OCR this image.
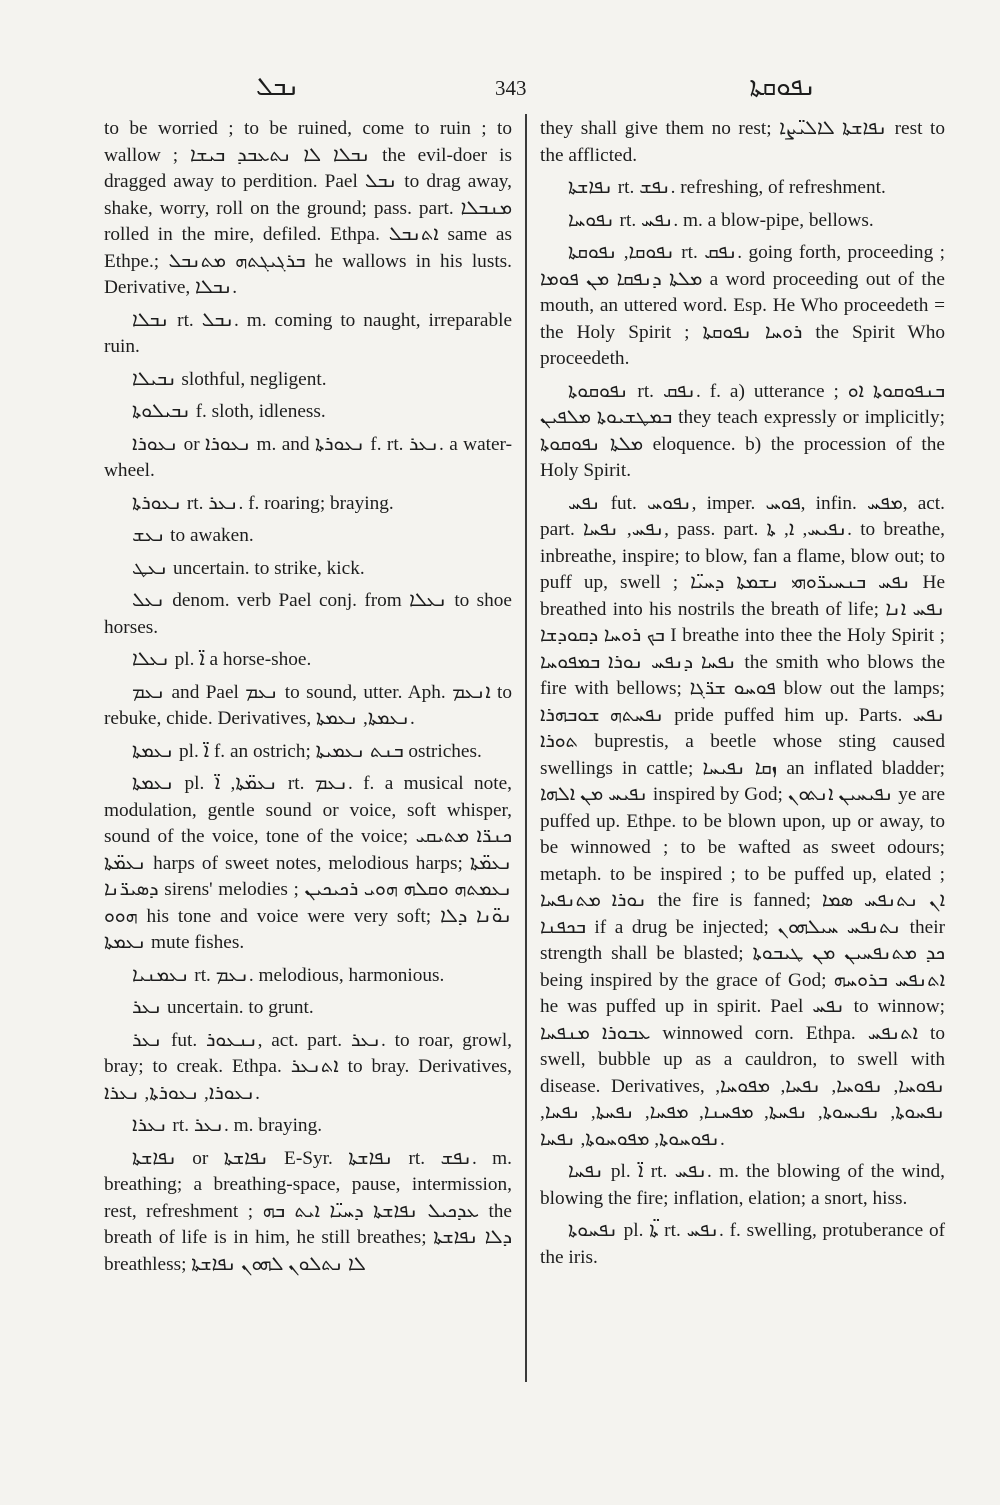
ܢܒܠ	343	ܢܦܘܩܬܐ

to be worried ; to be ruined, come to ruin ; to wallow ; ܢܒܠܐ ܠܐ ܢܬܥܒܕ ܒܝܫܐ the evil-doer is dragged away to perdition. Pael ܢܒܠ to drag away, shake, worry, roll on the ground; pass. part. ܡܢܒܠܐ rolled in the mire, defiled. Ethpa. ܐܬܢܒܠ same as Ethpe.; ܒܪܓܝܓܬܗ ܡܬܢܒܠ he wallows in his lusts. Derivative, ܢܒܠܐ.

ܢܒܠܐ rt. ܢܒܠ. m. coming to naught, irreparable ruin.

ܢܒܝܠܐ slothful, negligent.

ܢܒܝܠܘܬܐ f. sloth, idleness.

ܢܥܘܪܐ or ܢܥܘܪܐ m. and ܢܥܘܪܬܐ f. rt. ܢܥܪ. a water-wheel.

ܢܥܘܪܬܐ rt. ܢܥܪ. f. roaring; braying.

ܢܥܫ to awaken.

ܢܥܛ uncertain. to strike, kick.

ܢܥܠ denom. verb Pael conj. from ܢܥܠܐ to shoe horses.

ܢܥܠܐ pl. ܐ̈ a horse-shoe.

ܢܥܡ and Pael ܢܥܡ to sound, utter. Aph. ܐܢܥܡ to rebuke, chide. Derivatives, ܢܥܡܬܐ, ܢܥܡܬܐ.

ܢܥܡܬܐ pl. ܐ̈ f. an ostrich; ܒܢܬ ܢܥܡܝܬܐ ostriches.

ܢܥܡܬܐ pl. ܢܥܡ̈ܬܐ, ܐ̈ rt. ܢܥܡ. f. a musical note, modulation, gentle sound or voice, soft whisper, sound of the voice, tone of the voice; ܟܢܪ̈ܐ ܡܬܝܩܝ ܢܥܡ̈ܬܐ harps of sweet notes, melodious harps; ܢܥܡ̈ܬܐ ܕܣܝܪ̈ܢܐ sirens' melodies ; ܢܥܡܬܗ ܘܩܠܗ ܗܘܝ ܪܟܝܟܝܢ ܗܘܘ his tone and voice were very soft; ܢܘ̈ܢܐ ܕܠܐ ܢܥܡܬܐ mute fishes.

ܢܥܡܢܝܐ rt. ܢܥܡ. melodious, harmonious.

ܢܥܪ uncertain. to grunt.

ܢܥܪ fut. ܢܢܥܘܪ, act. part. ܢܥܪ. to roar, growl, bray; to creak. Ethpa. ܐܬܢܥܪ to bray. Derivatives, ܢܥܘܪܐ, ܢܥܘܪܬܐ, ܢܥܪܐ.

ܢܥܪܐ rt. ܢܥܪ. m. braying.

ܢܦܐܫܬܐ or ܢܦܐܫܬܐ E-Syr. ܢܦܐܫܬܐ rt. ܢܦܫ. m. breathing; a breathing-space, pause, intermission, rest, refreshment ; ܥܕܟܝܠ ܢܦܐܫܬܐ ܕܚܝ̈ܐ ܐܝܬ ܒܗ the breath of life is in him, he still breathes; ܕܠܐ ܢܦܐܫܬܐ breathless; ܠܐ ܢܬܠܘܢ ܠܗܘܢ ܢܦܐܫܬܐ

they shall give them no rest; ܢܦܐܫܬܐ ܠܐܠܝ̈ܨܐ rest to the afflicted.

ܢܦܐܫܬܐ rt. ܢܦܫ. refreshing, of refreshment.

ܢܦܘܚܐ rt. ܢܦܚ. m. a blow-pipe, bellows.

ܢܦܘܩܐ, ܢܦܘܩܬܐ rt. ܢܦܩ. going forth, proceeding ; ܡܠܬܐ ܕܢܦܩܐ ܡܢ ܦܘܡܐ a word proceeding out of the mouth, an uttered word. Esp. He Who proceedeth = the Holy Spirit ; ܪܘܚܐ ܢܦܘܩܬܐ the Spirit Who proceedeth.

ܢܦܘܩܘܬܐ rt. ܢܦܩ. f. a) utterance ; ܒܢܦܘܩܘܬܐ ܐܘ ܒܡܛܫܝܘܬܐ ܡܠܦܝܢ they teach expressly or implicitly; ܡܠܬܐ ܢܦܘܩܘܬܐ eloquence. b) the procession of the Holy Spirit.

ܢܦܚ fut. ܢܦܘܚ, imper. ܦܘܚ, infin. ܡܦܚ, act. part. ܢܦܚ, ܢܦܚܐ, pass. part. ܢܦܝܚ, ܐ, ܬܐ. to breathe, inbreathe, inspire; to blow, fan a flame, blow out; to puff up, swell ; ܢܦܚ ܒܢܚܝܪ̈ܘܗܝ ܢܫܡܬܐ ܕܚܝ̈ܐ He breathed into his nostrils the breath of life; ܢܦܚ ܐܢܐ ܒܟ ܪܘܚܐ ܕܩܘܕܫܐ I breathe into thee the Holy Spirit ; ܢܦܚܐ ܕܢܦܚ ܢܘܪܐ ܒܡܦܘܚܐ the smith who blows the fire with bellows; ܦܘܚܘ ܫܪ̈ܓܐ blow out the lamps; ܢܦܚܬܗ ܫܘܒܗܪܐ pride puffed him up. Parts. ܢܦܚ ܬܘܪܐ buprestis, a beetle whose sting caused swellings in cattle; ܙܩܐ ܢܦܝܚܐ an inflated bladder; ܢܦܝܚ ܡܢ ܐܠܗܐ inspired by God; ܢܦܝܚܝܢ ܐܢܬܘܢ ye are puffed up. Ethpe. to be blown upon, up or away, to be winnowed ; to be wafted as sweet odours; metaph. to be inspired ; to be puffed up, elated ; ܢܘܪܐ ܡܬܢܦܚܐ the fire is fanned; ܐܢ ܢܬܢܦܚ ܣܡܐ ܒܟܦܢܐ if a drug be injected; ܢܬܢܦܚ ܚܝܠܗܘܢ their strength shall be blasted; ܟܕ ܡܬܢܦܚܝܢ ܡܢ ܛܝܒܘܬܐ being inspired by the grace of God; ܐܬܢܦܚ ܒܪܘܚܗ he was puffed up in spirit. Pael ܢܦܚ to winnow; ܥܒܘܪܐ ܡܢܦܚܐ winnowed corn. Ethpa. ܐܬܢܦܚ to swell, bubble up as a cauldron, to swell with disease. Derivatives, ܢܦܘܚܐ, ܢܦܘܚܐ, ܢܦܚܐ, ܡܦܘܚܐ, ܢܦܚܘܬܐ, ܢܦܝܚܘܬܐ, ܢܦܚܬܐ, ܡܦܚܢܐ, ܡܦܚܐ, ܢܦܚܬܐ, ܢܦܚܐ, ܢܦܘܚܘܬܐ, ܡܦܘܚܘܬܐ, ܢܦܚܐ.

ܢܦܚܐ pl. ܐ̈ rt. ܢܦܚ. m. the blowing of the wind, blowing the fire; inflation, elation; a snort, hiss.

ܢܦܚܘܬܐ pl. ܬܐ̈ rt. ܢܦܚ. f. swelling, protuberance of the iris.
